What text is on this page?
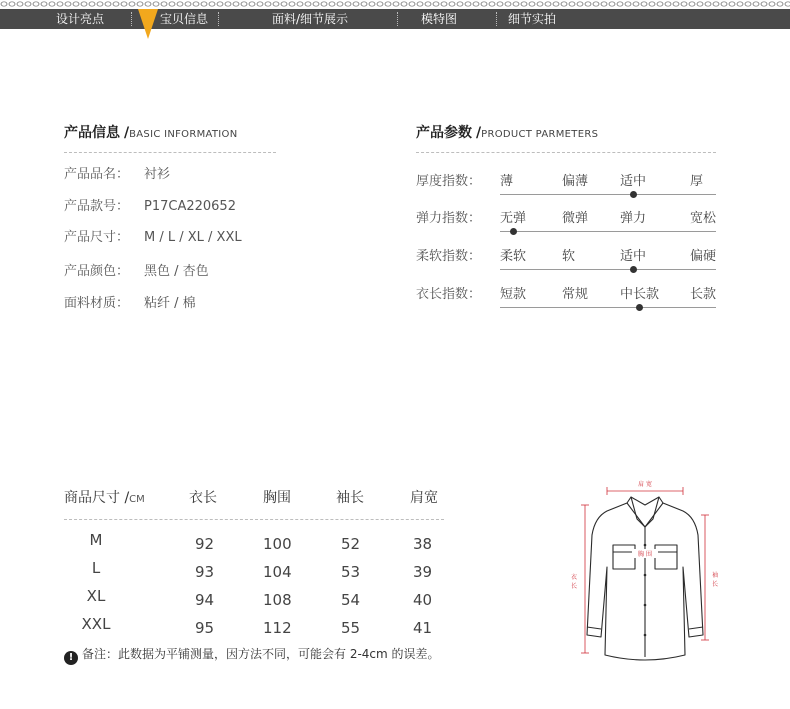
设计亮点	宝贝信息	面料/细节展示	模特图	细节实拍
产品信息 /BASIC INFORMATION
产品品名： 衬衫
产品款号： P17CA220652
产品尺寸： M / L / XL / XXL
产品颜色： 黑色 / 杏色
面料材质： 粘纤 / 棉
产品参数 /PRODUCT PARMETERS
厚度指数： 薄	偏薄 适中	厚
弹力指数： 无弹	微弹 弹力	宽松
柔软指数： 柔软	软	适中	偏硬
衣长指数： 短款	常规 中长款 长款
商品尺寸 /CM	衣长	胸围	袖长	肩宽
M	92	100	52	38
L	93	104	53	39
XL	94	108	54	40
XXL	95	112	55	41
! 备注：此数据为平铺测量，因方法不同，可能会有 2-4cm 的误差。
肩 宽
胸 围
衣长
袖长
